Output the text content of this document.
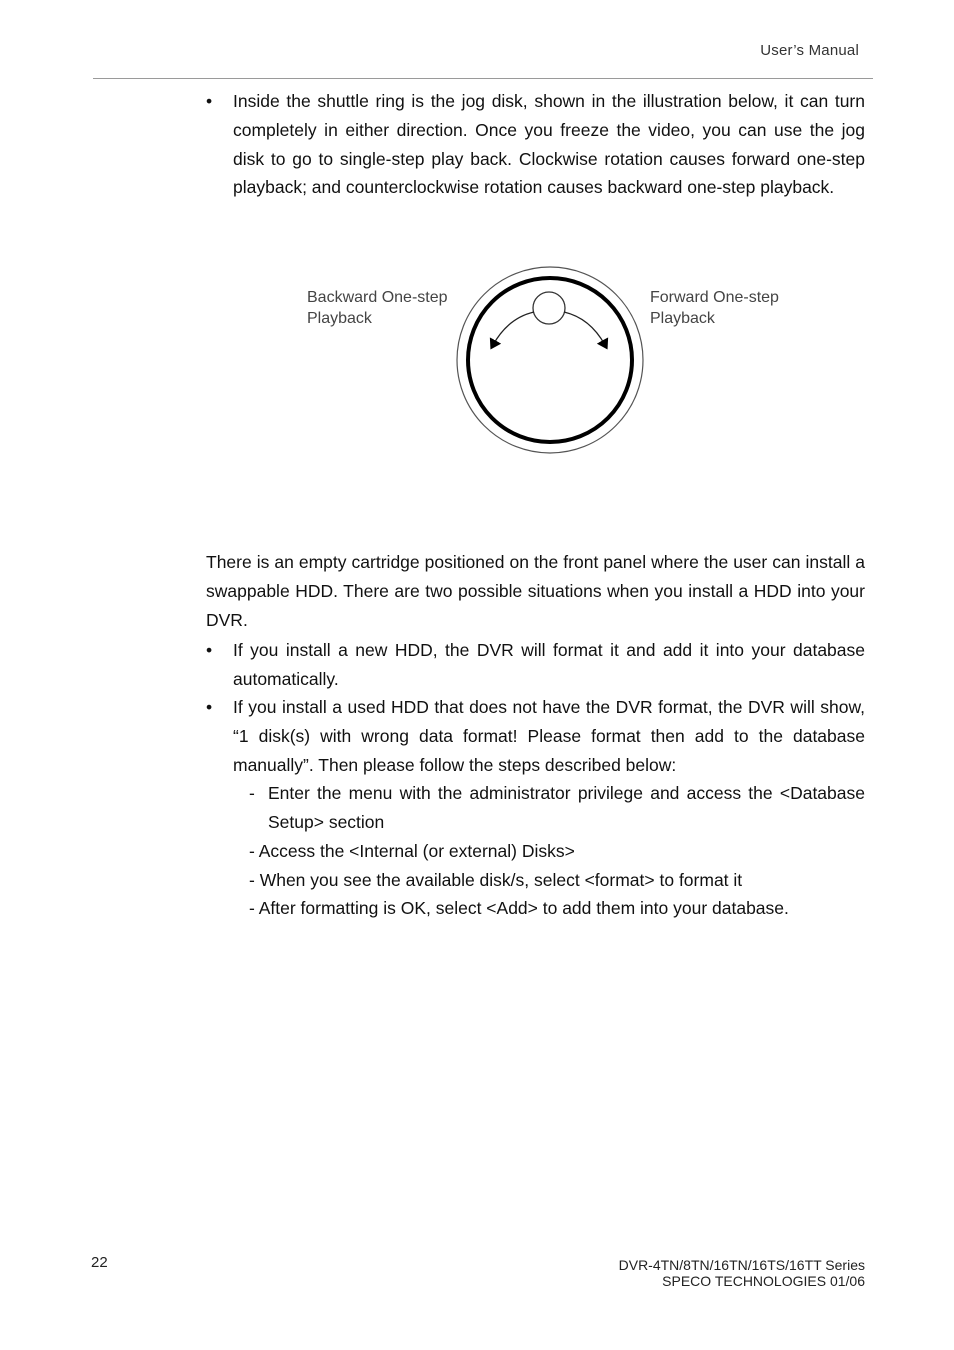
User’s Manual
•	Inside the shuttle ring is the jog disk, shown in the illustration below, it can turn completely in either direction. Once you freeze the video, you can use the jog disk to go to single-step play back. Clockwise rotation causes forward one-step playback; and counterclockwise rotation causes backward one-step playback.
Backward One-step
Playback
Forward One-step
Playback
There is an empty cartridge positioned on the front panel where the user can install a swappable HDD. There are two possible situations when you install a HDD into your DVR.
•	If you install a new HDD, the DVR will format it and add it into your database automatically.
•	If you install a used HDD that does not have the DVR format, the DVR will show, “1 disk(s) with wrong data format! Please format then add to the database manually”. Then please follow the steps described below:
- Enter the menu with the administrator privilege and access the <Database Setup> section
- Access the <Internal (or external) Disks>
- When you see the available disk/s, select <format> to format it
- After formatting is OK, select <Add> to add them into your database.
22	DVR-4TN/8TN/16TN/16TS/16TT Series
SPECO TECHNOLOGIES 01/06
